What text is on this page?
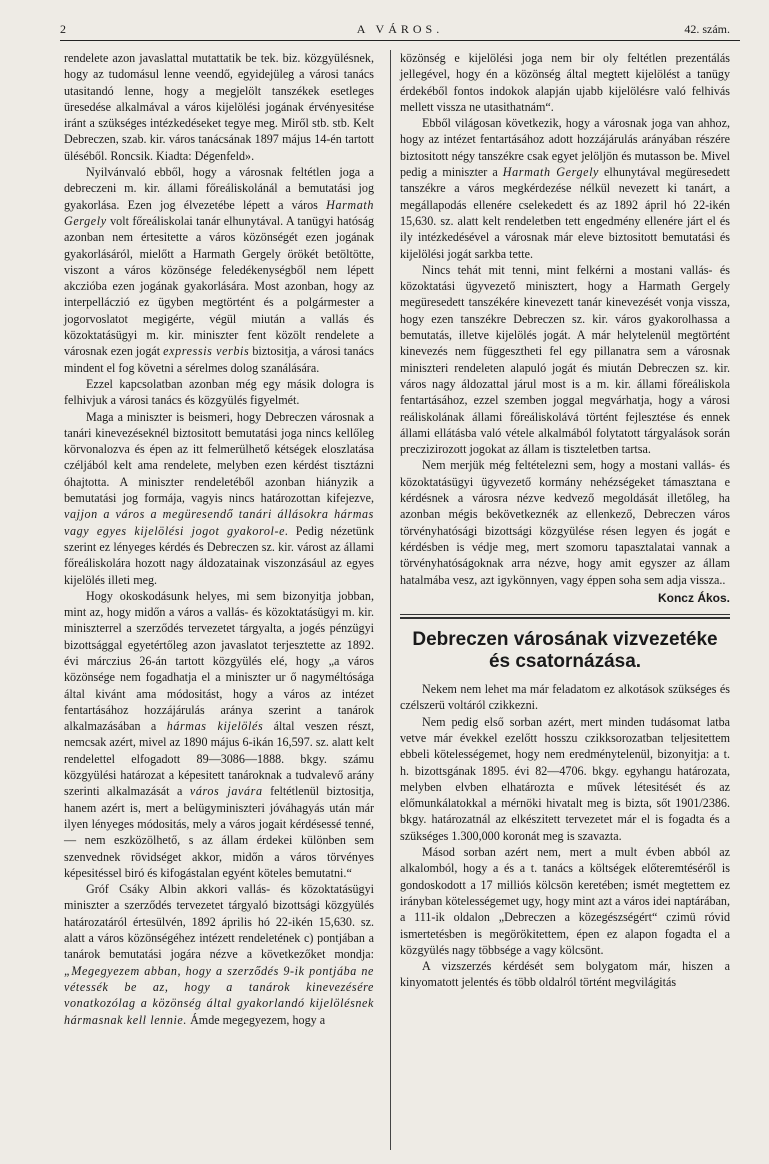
2	A VÁROS.	42. szám.

rendelete azon javaslattal mutattatik be tek. biz. közgyülésnek, hogy az tudomásul lenne veendő, egyidejüleg a városi tanács utasitandó lenne, hogy a megjelölt tanszékek esetleges üresedése alkalmával a város kijelölési jogának érvényesitése iránt a szükséges intézkedéseket tegye meg. Miről stb. stb. Kelt Debreczen, szab. kir. város tanácsának 1897 május 14-én tartott üléséből. Roncsik. Kiadta: Dégenfeld».

Nyilvánvaló ebből, hogy a városnak feltétlen joga a debreczeni m. kir. állami főreáliskolánál a bemutatási jog gyakorlása. Ezen jog élvezetébe lépett a város Harmath Gergely volt főreáliskolai tanár elhunytával. A tanügyi hatóság azonban nem értesitette a város közönségét ezen jogának gyakorlásáról, mielőtt a Harmath Gergely örökét betöltötte, viszont a város közönsége feledékenységből nem lépett akczióba ezen jogának gyakorlására. Most azonban, hogy az interpelláczió ez ügyben megtörtént és a polgármester a jogorvoslatot megigérte, végül miután a vallás és közoktatásügyi m. kir. miniszter fent közölt rendelete a városnak ezen jogát expressis verbis biztositja, a városi tanács mindent el fog követni a sérelmes dolog szanálására.

Ezzel kapcsolatban azonban még egy másik dologra is felhivjuk a városi tanács és közgyülés figyelmét.

Maga a miniszter is beismeri, hogy Debreczen városnak a tanári kinevezéseknél biztositott bemutatási joga nincs kellőleg körvonalozva és épen az itt felmerülhető kétségek eloszlatása czéljából kelt ama rendelete, melyben ezen kérdést tisztázni óhajtotta. A miniszter rendeletéből azonban hiányzik a bemutatási jog formája, vagyis nincs határozottan kifejezve, vajjon a város a megüresendő tanári állásokra hármas vagy egyes kijelölési jogot gyakorol-e. Pedig nézetünk szerint ez lényeges kérdés és Debreczen sz. kir. várost az állami főreáliskolára hozott nagy áldozatainak viszonzásául az egyes kijelölés illeti meg.

Hogy okoskodásunk helyes, mi sem bizonyitja jobban, mint az, hogy midőn a város a vallás- és közoktatásügyi m. kir. miniszterrel a szerződés tervezetet tárgyalta, a jogés pénzügyi bizottsággal egyetértőleg azon javaslatot terjesztette az 1892. évi márczius 26-án tartott közgyülés elé, hogy „a város közönsége nem fogadhatja el a miniszter ur ő nagyméltósága által kivánt ama módositást, hogy a város az intézet fentartásához hozzájárulás aránya szerint a tanárok alkalmazásában a hármas kijelölés által veszen részt, nemcsak azért, mivel az 1890 május 6-ikán 16,597. sz. alatt kelt rendelettel elfogadott 89—3086—1888. bkgy. számu közgyülési határozat a képesitett tanároknak a tudvalevő arány szerinti alkalmazását a város javára feltétlenül biztositja, hanem azért is, mert a belügyminiszteri jóváhagyás után már ilyen lényeges módositás, mely a város jogait kérdésessé tenné, — nem eszközölhető, s az állam érdekei különben sem szenvednek rövidséget akkor, midőn a város törvényes képesitéssel biró és kifogástalan egyént köteles bemutatni.“

Gróf Csáky Albin akkori vallás- és közoktatásügyi miniszter a szerződés tervezetet tárgyaló bizottsági közgyülés határozatáról értesülvén, 1892 április hó 22-ikén 15,630. sz. alatt a város közönségéhez intézett rendeletének c) pontjában a tanárok bemutatási jogára nézve a következőket mondja: „Megegyezem abban, hogy a szerződés 9-ik pontjába ne vétessék be az, hogy a tanárok kinevezésére vonatkozólag a közönség által gyakorlandó kijelölésnek hármasnak kell lennie. Ámde megegyezem, hogy a

közönség e kijelölési joga nem bir oly feltétlen prezentálás jellegével, hogy én a közönség által megtett kijelölést a tanügy érdekéből fontos indokok alapján ujabb kijelölésre való felhivás mellett vissza ne utasithatnám“.

Ebből világosan következik, hogy a városnak joga van ahhoz, hogy az intézet fentartásához adott hozzájárulás arányában részére biztositott négy tanszékre csak egyet jelöljön és mutasson be. Mivel pedig a miniszter a Harmath Gergely elhunytával megüresedett tanszékre a város megkérdezése nélkül nevezett ki tanárt, a megállapodás ellenére cselekedett és az 1892 ápril hó 22-ikén 15,630. sz. alatt kelt rendeletben tett engedmény ellenére járt el és ily intézkedésével a városnak már eleve biztositott bemutatási és kijelölési jogát sarkba tette.

Nincs tehát mit tenni, mint felkérni a mostani vallás- és közoktatási ügyvezető minisztert, hogy a Harmath Gergely megüresedett tanszékére kinevezett tanár kinevezését vonja vissza, hogy ezen tanszékre Debreczen sz. kir. város gyakorolhassa a bemutatás, illetve kijelölés jogát. A már helytelenül megtörtént kinevezés nem függesztheti fel egy pillanatra sem a városnak miniszteri rendeleten alapuló jogát és miután Debreczen sz. kir. város nagy áldozattal járul most is a m. kir. állami főreáliskola fentartásához, ezzel szemben joggal megvárhatja, hogy a városi reáliskolának állami főreáliskolává történt fejlesztése és ennek állami ellátásba való vétele alkalmából folytatott tárgyalások során preczizirozott jogokat az állam is tiszteletben tartsa.

Nem merjük még feltételezni sem, hogy a mostani vallás- és közoktatásügyi ügyvezető kormány nehézségeket támasztana e kérdésnek a városra nézve kedvező megoldását illetőleg, ha azonban mégis bekövetkeznék az ellenkező, Debreczen város törvényhatósági bizottsági közgyülése résen legyen és jogát e kérdésben is védje meg, mert szomoru tapasztalatai vannak a törvényhatóságoknak arra nézve, hogy amit egyszer az állam hatalmába vesz, azt igykönnyen, vagy éppen soha sem adja vissza..

Koncz Ákos.
Debreczen városának vizvezetéke
és csatornázása.

Nekem nem lehet ma már feladatom ez alkotások szükséges és czélszerü voltáról czikkezni.

Nem pedig első sorban azért, mert minden tudásomat latba vetve már évekkel ezelőtt hosszu czikksorozatban teljesitettem ebbeli kötelességemet, hogy nem eredménytelenül, bizonyitja: a t. h. bizottsgának 1895. évi 82—4706. bkgy. egyhangu határozata, melyben elvben elhatározta e művek létesitését és az előmunkálatokkal a mérnöki hivatalt meg is bizta, sőt 1901/2386. bkgy. határozatnál az elkészitett tervezetet már el is fogadta és a szükséges 1.300,000 koronát meg is szavazta.

Másod sorban azért nem, mert a mult évben abból az alkalomból, hogy a és a t. tanács a költségek előteremtéséről is gondoskodott a 17 milliós kölcsön keretében; ismét megtettem ez irányban kötelességemet ugy, hogy mint azt a város idei naptárában, a 111-ik oldalon „Debreczen a közegészségért“ czimü róvid ismertetésben is megörökitettem, épen ez alapon fogadta el a közgyülés nagy többsége a vagy kölcsönt.

A vizszerzés kérdését sem bolygatom már, hiszen a kinyomatott jelentés és több oldalról történt megvilágitás
